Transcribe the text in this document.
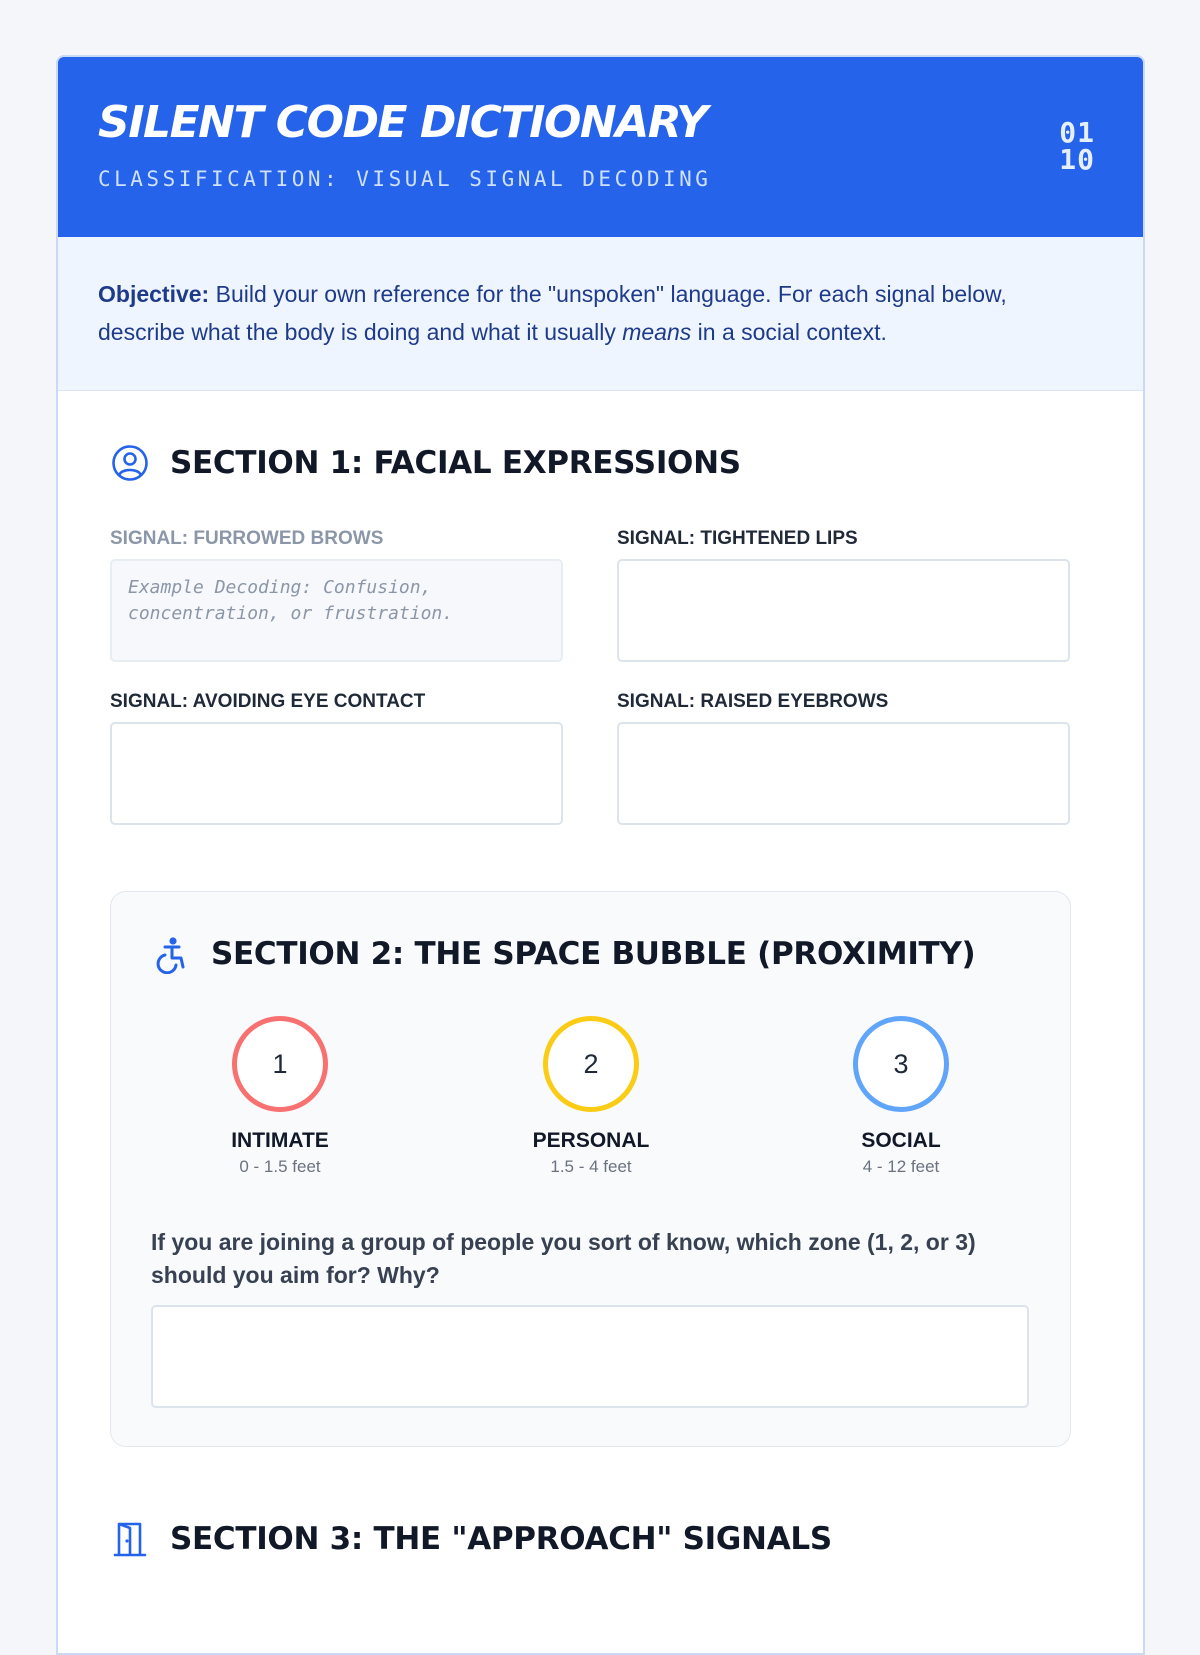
SILENT CODE DICTIONARY
CLASSIFICATION: VISUAL SIGNAL DECODING
01
10

Objective: Build your own reference for the "unspoken" language. For each signal below, describe what the body is doing and what it usually means in a social context.

SECTION 1: FACIAL EXPRESSIONS
SIGNAL: FURROWED BROWS
Example Decoding: Confusion, concentration, or frustration.
SIGNAL: TIGHTENED LIPS
SIGNAL: AVOIDING EYE CONTACT	SIGNAL: RAISED EYEBROWS
SECTION 2: THE SPACE BUBBLE (PROXIMITY)
1
INTIMATE
0 - 1.5 feet
2
PERSONAL
1.5 - 4 feet
3
SOCIAL
4 - 12 feet
If you are joining a group of people you sort of know, which zone (1, 2, or 3) should you aim for? Why?
SECTION 3: THE "APPROACH" SIGNALS
